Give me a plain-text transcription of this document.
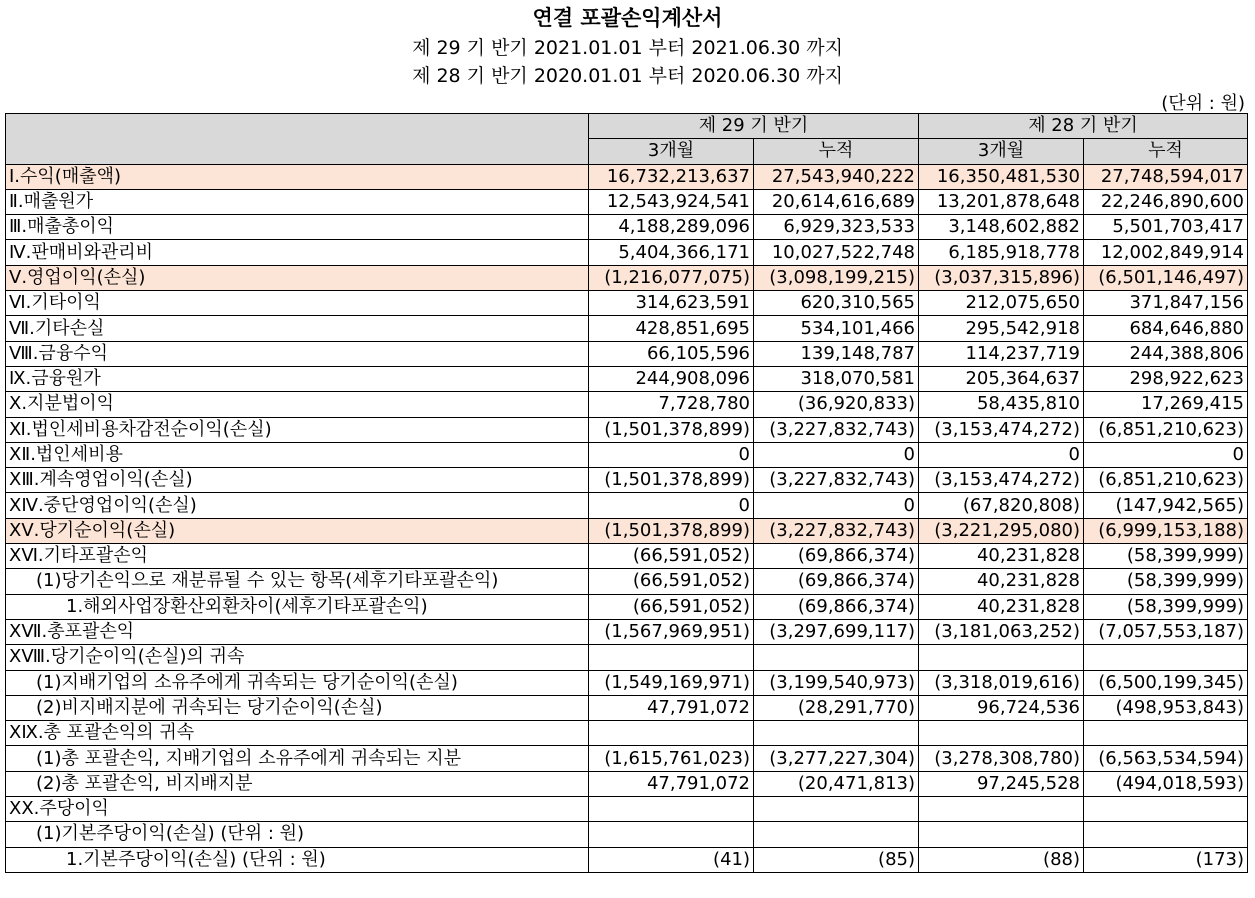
연결 포괄손익계산서
제 29 기 반기 2021.01.01 부터 2021.06.30 까지
제 28 기 반기 2020.01.01 부터 2020.06.30 까지
(단위 : 원)
	제 29 기 반기		제 28 기 반기	
	3개월	누적	3개월	누적
Ⅰ.수익(매출액)	16,732,213,637	27,543,940,222	16,350,481,530	27,748,594,017
Ⅱ.매출원가	12,543,924,541	20,614,616,689	13,201,878,648	22,246,890,600
Ⅲ.매출총이익	4,188,289,096	6,929,323,533	3,148,602,882	5,501,703,417
Ⅳ.판매비와관리비	5,404,366,171	10,027,522,748	6,185,918,778	12,002,849,914
Ⅴ.영업이익(손실)	(1,216,077,075)	(3,098,199,215)	(3,037,315,896)	(6,501,146,497)
Ⅵ.기타이익	314,623,591	620,310,565	212,075,650	371,847,156
Ⅶ.기타손실	428,851,695	534,101,466	295,542,918	684,646,880
Ⅷ.금융수익	66,105,596	139,148,787	114,237,719	244,388,806
Ⅸ.금융원가	244,908,096	318,070,581	205,364,637	298,922,623
Ⅹ.지분법이익	7,728,780	(36,920,833)	58,435,810	17,269,415
Ⅺ.법인세비용차감전순이익(손실)	(1,501,378,899)	(3,227,832,743)	(3,153,474,272)	(6,851,210,623)
ⅩⅡ.법인세비용	0	0	0	0
ⅩⅢ.계속영업이익(손실)	(1,501,378,899)	(3,227,832,743)	(3,153,474,272)	(6,851,210,623)
ⅩⅣ.중단영업이익(손실)	0	0	(67,820,808)	(147,942,565)
ⅩⅤ.당기순이익(손실)	(1,501,378,899)	(3,227,832,743)	(3,221,295,080)	(6,999,153,188)
ⅩⅥ.기타포괄손익	(66,591,052)	(69,866,374)	40,231,828	(58,399,999)
(1)당기손익으로 재분류될 수 있는 항목(세후기타포괄손익)	(66,591,052)	(69,866,374)	40,231,828	(58,399,999)
1.해외사업장환산외환차이(세후기타포괄손익)	(66,591,052)	(69,866,374)	40,231,828	(58,399,999)
ⅩⅦ.총포괄손익	(1,567,969,951)	(3,297,699,117)	(3,181,063,252)	(7,057,553,187)
ⅩⅧ.당기순이익(손실)의 귀속				
(1)지배기업의 소유주에게 귀속되는 당기순이익(손실)	(1,549,169,971)	(3,199,540,973)	(3,318,019,616)	(6,500,199,345)
(2)비지배지분에 귀속되는 당기순이익(손실)	47,791,072	(28,291,770)	96,724,536	(498,953,843)
ⅩⅨ.총 포괄손익의 귀속				
(1)총 포괄손익, 지배기업의 소유주에게 귀속되는 지분	(1,615,761,023)	(3,277,227,304)	(3,278,308,780)	(6,563,534,594)
(2)총 포괄손익, 비지배지분	47,791,072	(20,471,813)	97,245,528	(494,018,593)
ⅩⅩ.주당이익				
(1)기본주당이익(손실) (단위 : 원)				
1.기본주당이익(손실) (단위 : 원)	(41)	(85)	(88)	(173)
